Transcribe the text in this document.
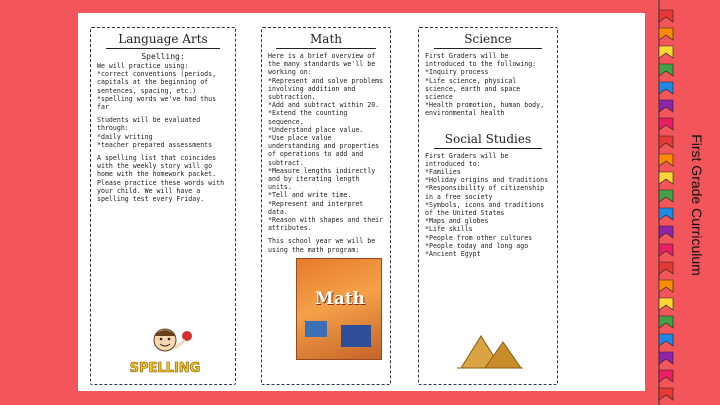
Language Arts
Spelling:

We will practice using:
*correct conventions (periods, capitals at the beginning of sentences, spacing, etc.)
*spelling words we've had thus far

Students will be evaluated through:
*daily writing
*teacher prepared assessments

A spelling list that coincides with the weekly story will go home with the homework packet. Please practice these words with your child. We will have a spelling test every Friday.

SPELLING
Math

Here is a brief overview of the many standards we'll be working on:
*Represent and solve problems involving addition and subtraction.
*Add and subtract within 20.
*Extend the counting sequence.
*Understand place value.
*Use place value understanding and properties of operations to add and subtract.
*Measure lengths indirectly and by iterating length units.
*Tell and write time.
*Represent and interpret data.
*Reason with shapes and their attributes.

This school year we will be using the math program:

Math
Science

First Graders will be introduced to the following:
*Inquiry process
*Life science, physical science, earth and space science
*Health promotion, human body, environmental health

Social Studies

First Graders will be introduced to:
*Families
*Holiday origins and traditions
*Responsibility of citizenship in a free society
*Symbols, icons and traditions of the United States
*Maps and globes
*Life skills
*People from other cultures
*People today and long ago
*Ancient Egypt	First Grade Curriculum
